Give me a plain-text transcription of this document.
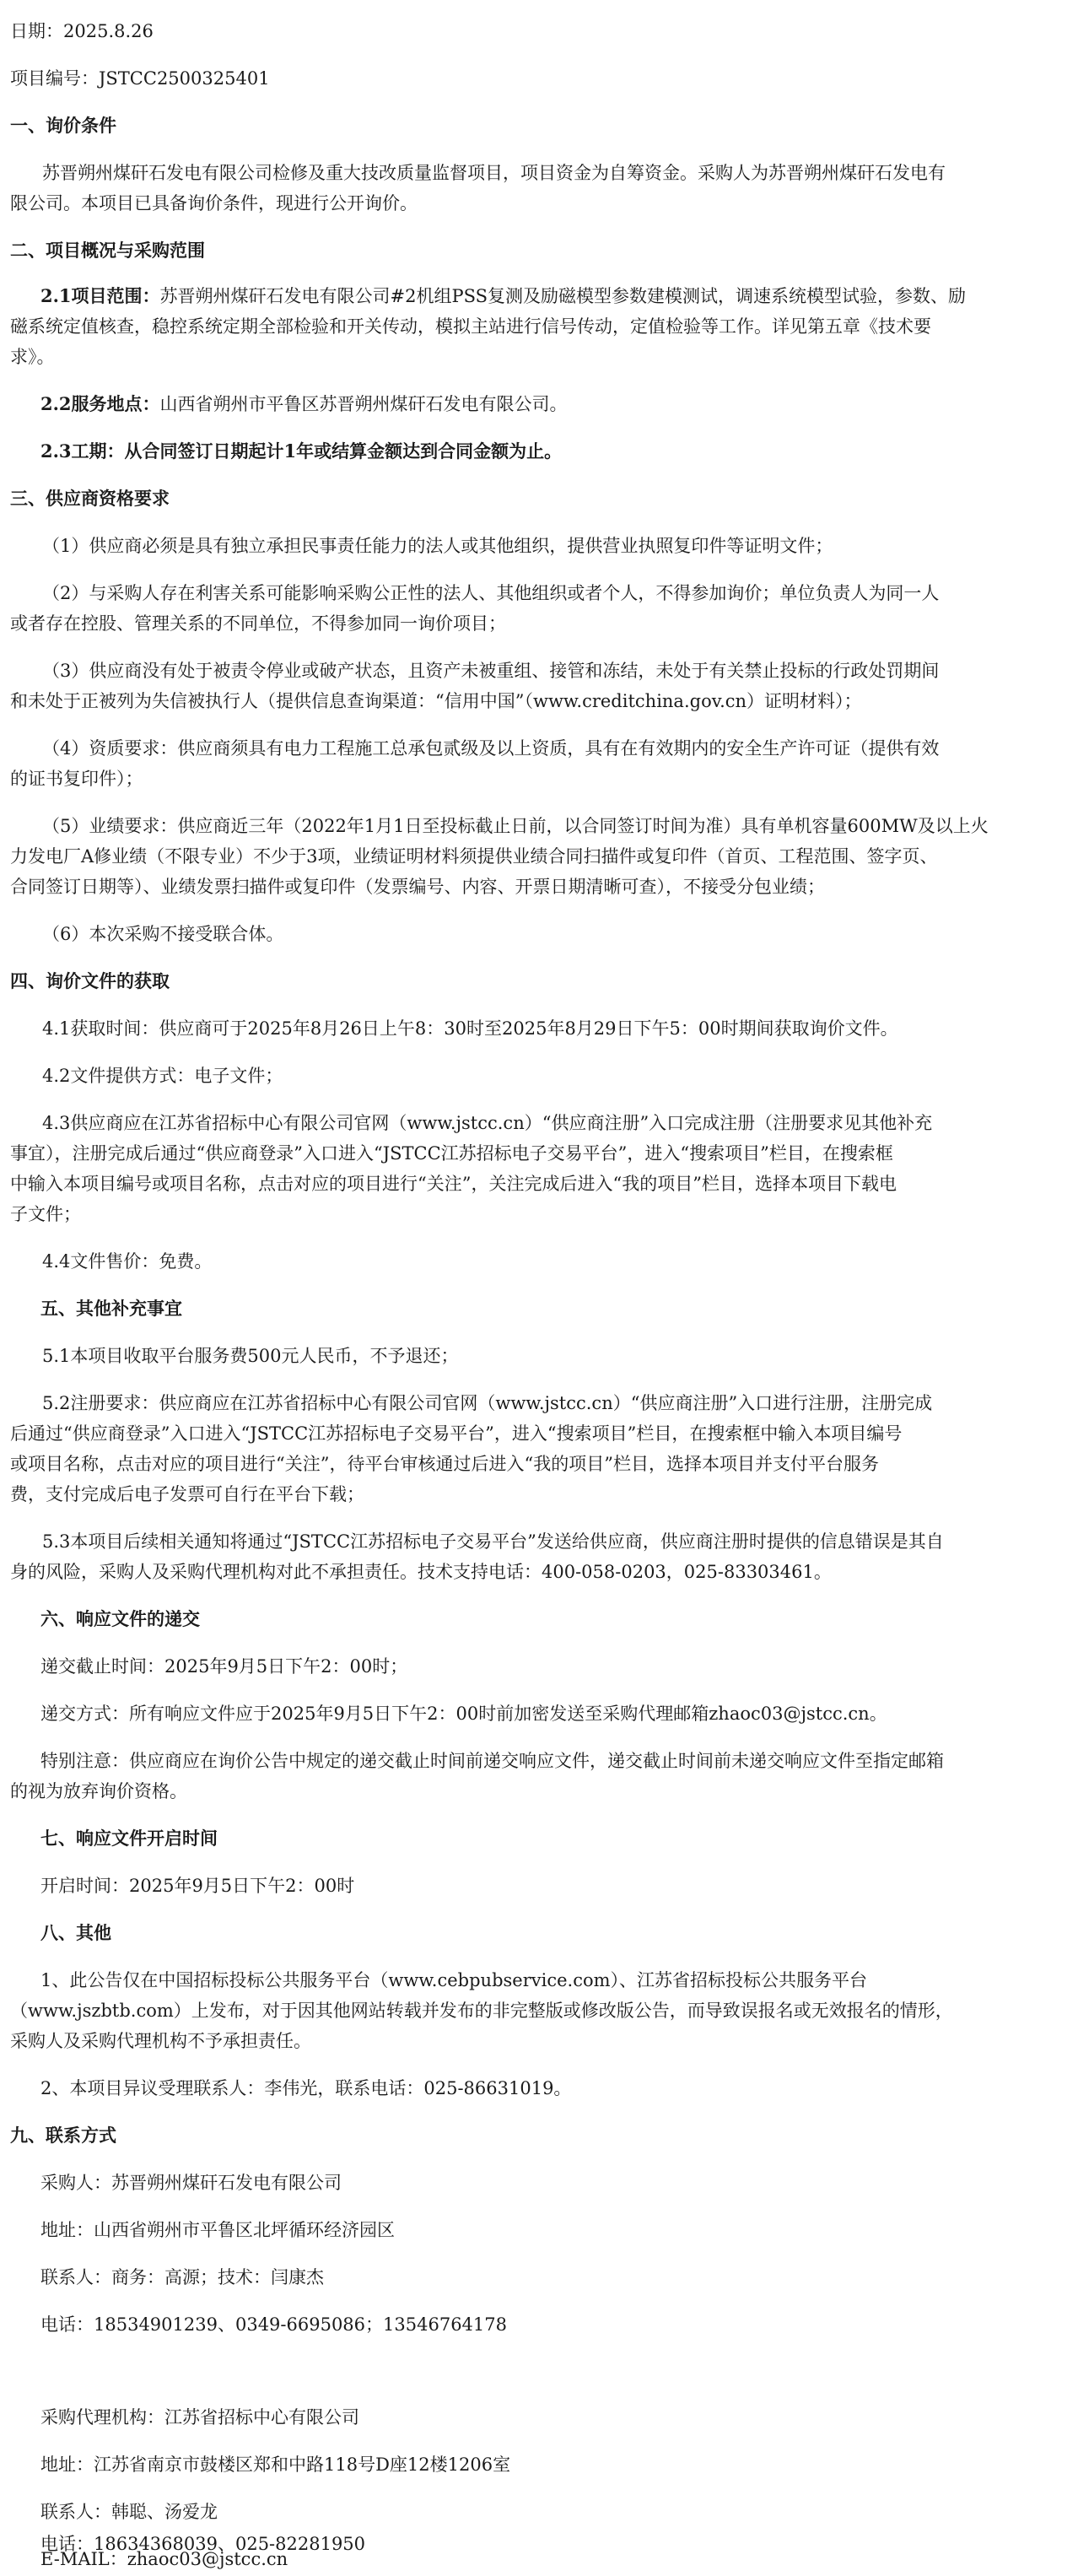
日期：2025.8.26
项目编号：JSTCC2500325401
一、询价条件
苏晋朔州煤矸石发电有限公司检修及重大技改质量监督项目，项目资金为自筹资金。采购人为苏晋朔州煤矸石发电有
限公司。本项目已具备询价条件，现进行公开询价。
二、项目概况与采购范围
2.1项目范围：苏晋朔州煤矸石发电有限公司#2机组PSS复测及励磁模型参数建模测试，调速系统模型试验，参数、励
磁系统定值核查，稳控系统定期全部检验和开关传动，模拟主站进行信号传动，定值检验等工作。详见第五章《技术要
求》。
2.2服务地点：山西省朔州市平鲁区苏晋朔州煤矸石发电有限公司。
2.3工期：从合同签订日期起计1年或结算金额达到合同金额为止。
三、供应商资格要求
（1）供应商必须是具有独立承担民事责任能力的法人或其他组织，提供营业执照复印件等证明文件；
（2）与采购人存在利害关系可能影响采购公正性的法人、其他组织或者个人，不得参加询价；单位负责人为同一人
或者存在控股、管理关系的不同单位，不得参加同一询价项目；
（3）供应商没有处于被责令停业或破产状态，且资产未被重组、接管和冻结，未处于有关禁止投标的行政处罚期间
和未处于正被列为失信被执行人（提供信息查询渠道：“信用中国”（www.creditchina.gov.cn）证明材料）；
（4）资质要求：供应商须具有电力工程施工总承包贰级及以上资质，具有在有效期内的安全生产许可证（提供有效
的证书复印件）；
（5）业绩要求：供应商近三年（2022年1月1日至投标截止日前，以合同签订时间为准）具有单机容量600MW及以上火
力发电厂A修业绩（不限专业）不少于3项，业绩证明材料须提供业绩合同扫描件或复印件（首页、工程范围、签字页、
合同签订日期等）、业绩发票扫描件或复印件（发票编号、内容、开票日期清晰可查），不接受分包业绩；
（6）本次采购不接受联合体。
四、询价文件的获取
4.1获取时间：供应商可于2025年8月26日上午8：30时至2025年8月29日下午5：00时期间获取询价文件。
4.2文件提供方式：电子文件；
4.3供应商应在江苏省招标中心有限公司官网（www.jstcc.cn）“供应商注册”入口完成注册（注册要求见其他补充
事宜），注册完成后通过“供应商登录”入口进入“JSTCC江苏招标电子交易平台”，进入“搜索项目”栏目，在搜索框
中输入本项目编号或项目名称，点击对应的项目进行“关注”，关注完成后进入“我的项目”栏目，选择本项目下载电
子文件；
4.4文件售价：免费。
五、其他补充事宜
5.1本项目收取平台服务费500元人民币，不予退还；
5.2注册要求：供应商应在江苏省招标中心有限公司官网（www.jstcc.cn）“供应商注册”入口进行注册，注册完成
后通过“供应商登录”入口进入“JSTCC江苏招标电子交易平台”，进入“搜索项目”栏目，在搜索框中输入本项目编号
或项目名称，点击对应的项目进行“关注”，待平台审核通过后进入“我的项目”栏目，选择本项目并支付平台服务
费，支付完成后电子发票可自行在平台下载；
5.3本项目后续相关通知将通过“JSTCC江苏招标电子交易平台”发送给供应商，供应商注册时提供的信息错误是其自
身的风险，采购人及采购代理机构对此不承担责任。技术支持电话：400-058-0203，025-83303461。
六、响应文件的递交
递交截止时间：2025年9月5日下午2：00时；
递交方式：所有响应文件应于2025年9月5日下午2：00时前加密发送至采购代理邮箱zhaoc03@jstcc.cn。
特别注意：供应商应在询价公告中规定的递交截止时间前递交响应文件，递交截止时间前未递交响应文件至指定邮箱
的视为放弃询价资格。
七、响应文件开启时间
开启时间：2025年9月5日下午2：00时
八、其他
1、此公告仅在中国招标投标公共服务平台（www.cebpubservice.com）、江苏省招标投标公共服务平台
（www.jszbtb.com）上发布，对于因其他网站转载并发布的非完整版或修改版公告，而导致误报名或无效报名的情形，
采购人及采购代理机构不予承担责任。
2、本项目异议受理联系人：李伟光，联系电话：025-86631019。
九、联系方式
采购人：苏晋朔州煤矸石发电有限公司
地址：山西省朔州市平鲁区北坪循环经济园区
联系人：商务：高源；技术：闫康杰
电话：18534901239、0349-6695086；13546764178
采购代理机构：江苏省招标中心有限公司
地址：江苏省南京市鼓楼区郑和中路118号D座12楼1206室
联系人：韩聪、汤爱龙
电话：18634368039、025-82281950
E-MAIL：zhaoc03@jstcc.cn
